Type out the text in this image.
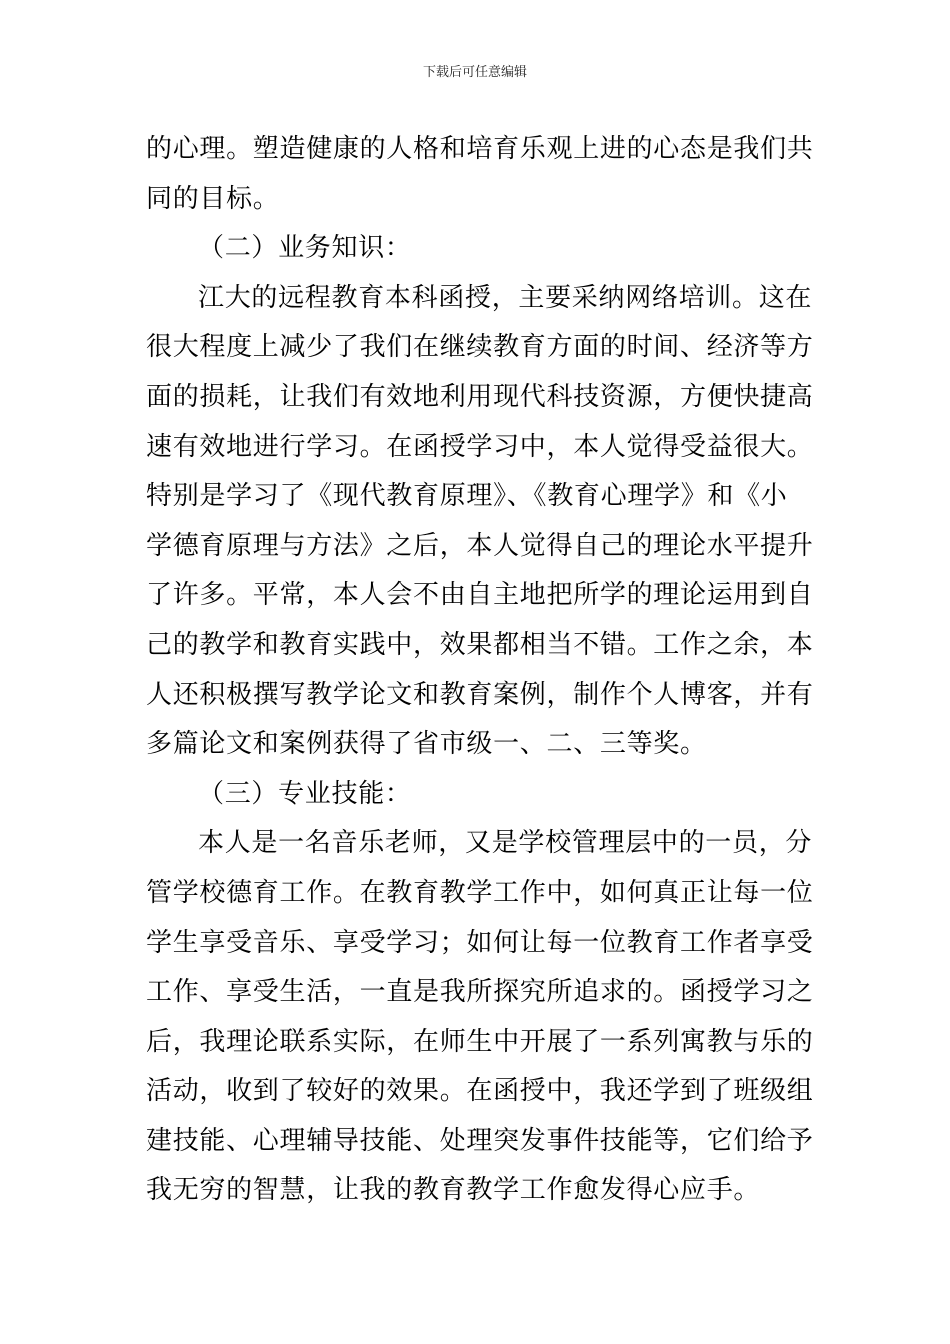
下载后可任意编辑
的心理。塑造健康的人格和培育乐观上进的心态是我们共
同的目标。
（二）业务知识：
江大的远程教育本科函授，主要采纳网络培训。这在
很大程度上减少了我们在继续教育方面的时间、经济等方
面的损耗，让我们有效地利用现代科技资源，方便快捷高
速有效地进行学习。在函授学习中，本人觉得受益很大。
特别是学习了《现代教育原理》、《教育心理学》和《小
学德育原理与方法》之后，本人觉得自己的理论水平提升
了许多。平常，本人会不由自主地把所学的理论运用到自
己的教学和教育实践中，效果都相当不错。工作之余，本
人还积极撰写教学论文和教育案例，制作个人博客，并有
多篇论文和案例获得了省市级一、二、三等奖。
（三）专业技能：
本人是一名音乐老师，又是学校管理层中的一员，分
管学校德育工作。在教育教学工作中，如何真正让每一位
学生享受音乐、享受学习；如何让每一位教育工作者享受
工作、享受生活，一直是我所探究所追求的。函授学习之
后，我理论联系实际，在师生中开展了一系列寓教与乐的
活动，收到了较好的效果。在函授中，我还学到了班级组
建技能、心理辅导技能、处理突发事件技能等，它们给予
我无穷的智慧，让我的教育教学工作愈发得心应手。
